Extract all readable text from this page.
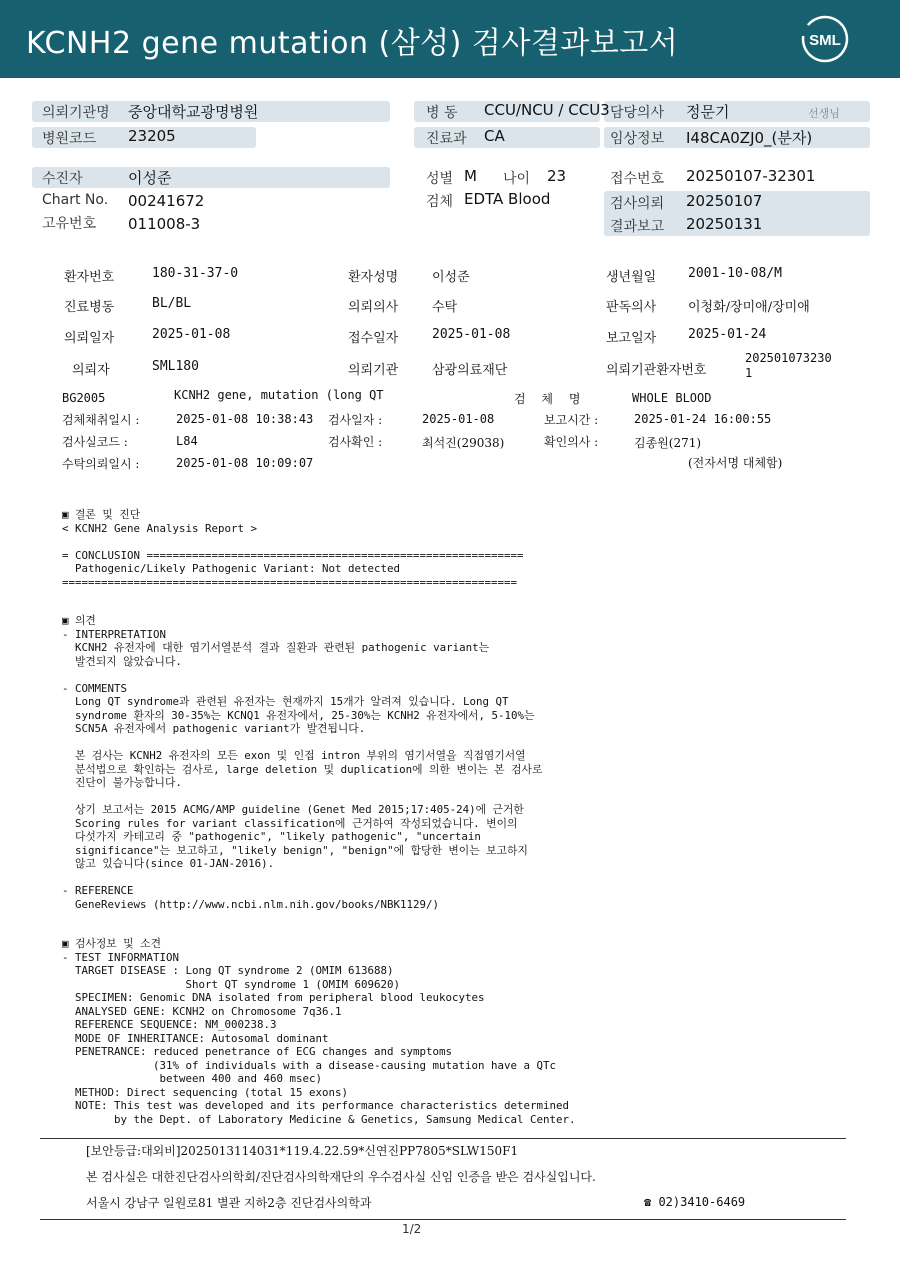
KCNH2 gene mutation (삼성) 검사결과보고서	SML
의뢰기관명 중앙대학교광명병원	병 동 CCU/NCU / CCU3 담당의사 정문기	선생님
병원코드 23205	진료과 CA	임상정보 I48CA0ZJ0_(분자)
수진자	이성준	성별 M 나이 23	접수번호 20250107-32301
Chart No. 00241672	검체 EDTA Blood	검사의뢰 20250107
고유번호 011008-3	결과보고 20250131
환자번호	180-31-37-0	환자성명	이성준	생년월일 2001-10-08/M
진료병동	BL/BL	의뢰의사	수탁	판독의사 이청화/장미애/장미애
의뢰일자	2025-01-08	접수일자	2025-01-08	보고일자 2025-01-24
의뢰자	SML180	의뢰기관	삼광의료재단	의뢰기관환자번호
202501073230
1
BG2005	KCNH2 gene, mutation (long QT	검 체 명	WHOLE BLOOD
검체채취일시 :	2025-01-08 10:38:43 검사일자 :	2025-01-08	보고시간 :	2025-01-24 16:00:55
검사실코드 :	L84	검사확인 :	최석진(29038)	확인의사 :	김종원(271)
수탁의뢰일시 :	2025-01-08 10:09:07	(전자서명 대체함)
▣ 결론 및 진단
< KCNH2 Gene Analysis Report >

= CONCLUSION ==========================================================
Pathogenic/Likely Pathogenic Variant: Not detected
======================================================================
▣ 의견
- INTERPRETATION
KCNH2 유전자에 대한 염기서열분석 결과 질환과 관련된 pathogenic variant는
발견되지 않았습니다.

- COMMENTS
Long QT syndrome과 관련된 유전자는 현재까지 15개가 알려져 있습니다. Long QT
syndrome 환자의 30-35%는 KCNQ1 유전자에서, 25-30%는 KCNH2 유전자에서, 5-10%는
SCN5A 유전자에서 pathogenic variant가 발견됩니다.

본 검사는 KCNH2 유전자의 모든 exon 및 인접 intron 부위의 염기서열을 직접염기서열
분석법으로 확인하는 검사로, large deletion 및 duplication에 의한 변이는 본 검사로
진단이 불가능합니다.

상기 보고서는 2015 ACMG/AMP guideline (Genet Med 2015;17:405-24)에 근거한
Scoring rules for variant classification에 근거하여 작성되었습니다. 변이의
다섯가지 카테고리 중 "pathogenic", "likely pathogenic", "uncertain
significance"는 보고하고, "likely benign", "benign"에 합당한 변이는 보고하지
않고 있습니다(since 01-JAN-2016).

- REFERENCE
GeneReviews (http://www.ncbi.nlm.nih.gov/books/NBK1129/)
▣ 검사정보 및 소견
- TEST INFORMATION
TARGET DISEASE : Long QT syndrome 2 (OMIM 613688)
Short QT syndrome 1 (OMIM 609620)
SPECIMEN: Genomic DNA isolated from peripheral blood leukocytes
ANALYSED GENE: KCNH2 on Chromosome 7q36.1
REFERENCE SEQUENCE: NM_000238.3
MODE OF INHERITANCE: Autosomal dominant
PENETRANCE: reduced penetrance of ECG changes and symptoms
(31% of individuals with a disease-causing mutation have a QTc
between 400 and 460 msec)
METHOD: Direct sequencing (total 15 exons)
NOTE: This test was developed and its performance characteristics determined
by the Dept. of Laboratory Medicine & Genetics, Samsung Medical Center.
[보안등급:대외비]2025013114031*119.4.22.59*신연진PP7805*SLW150F1
본 검사실은 대한진단검사의학회/진단검사의학재단의 우수검사실 신임 인증을 받은 검사실입니다.
서울시 강남구 일원로81 별관 지하2층 진단검사의학과	☎ 02)3410-6469
1/2
